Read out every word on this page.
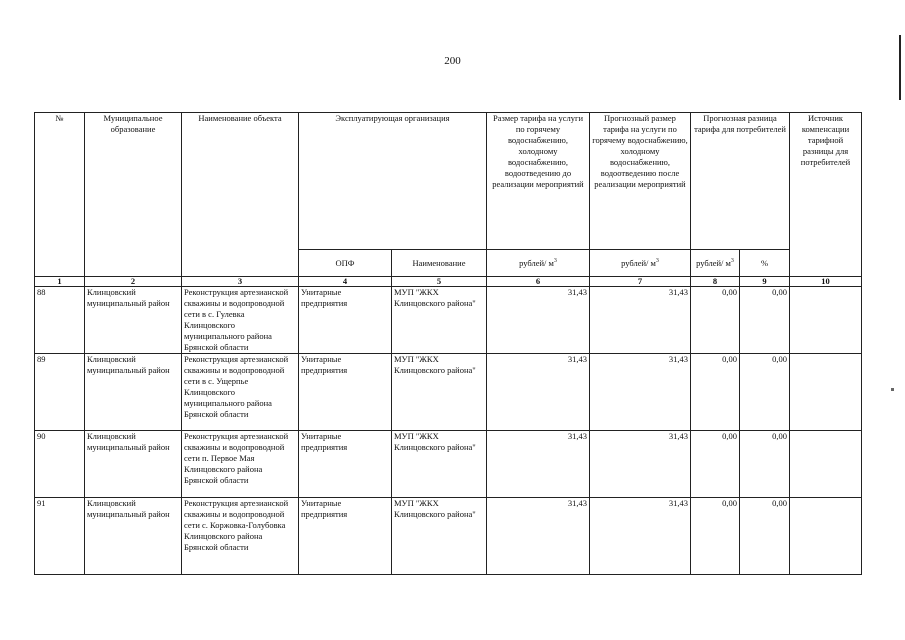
200
№	Муниципальное образование	Наименование объекта	Эксплуатирующая организация		Размер тарифа на услуги по горячему водоснабжению, холодному водоснабжению, водоотведению до реализации мероприятий	Прогнозный размер тарифа на услуги по горячему водоснабжению, холодному водоснабжению, водоотведению после реализации мероприятий	Прогнозная разница тарифа для потребителей		Источник компенсации тарифной разницы для потребителей
			ОПФ	Наименование	рублей/ $м^3$	рублей/ $м^3$	рублей/ $м^3$	%	
1	2	3	4	5	6	7	8	9	10
88	Клинцовский муниципальный район	Реконструкция артезианской скважины и водопроводной сети в с. Гулевка Клинцовского муниципального района Брянской области	Унитарные предприятия	МУП "ЖКХ Клинцовского района"	31,43	31,43	0,00	0,00	
89	Клинцовский муниципальный район	Реконструкция артезианской скважины и водопроводной сети в с. Ущерпье Клинцовского муниципального района Брянской области	Унитарные предприятия	МУП "ЖКХ Клинцовского района"	31,43	31,43	0,00	0,00	
90	Клинцовский муниципальный район	Реконструкция артезианской скважины и водопроводной сети п. Первое Мая Клинцовского района Брянской области	Унитарные предприятия	МУП "ЖКХ Клинцовского района"	31,43	31,43	0,00	0,00	
91	Клинцовский муниципальный район	Реконструкция артезианской скважины и водопроводной сети с. Коржовка-Голубовка Клинцовского района Брянской области	Унитарные предприятия	МУП "ЖКХ Клинцовского района"	31,43	31,43	0,00	0,00	
